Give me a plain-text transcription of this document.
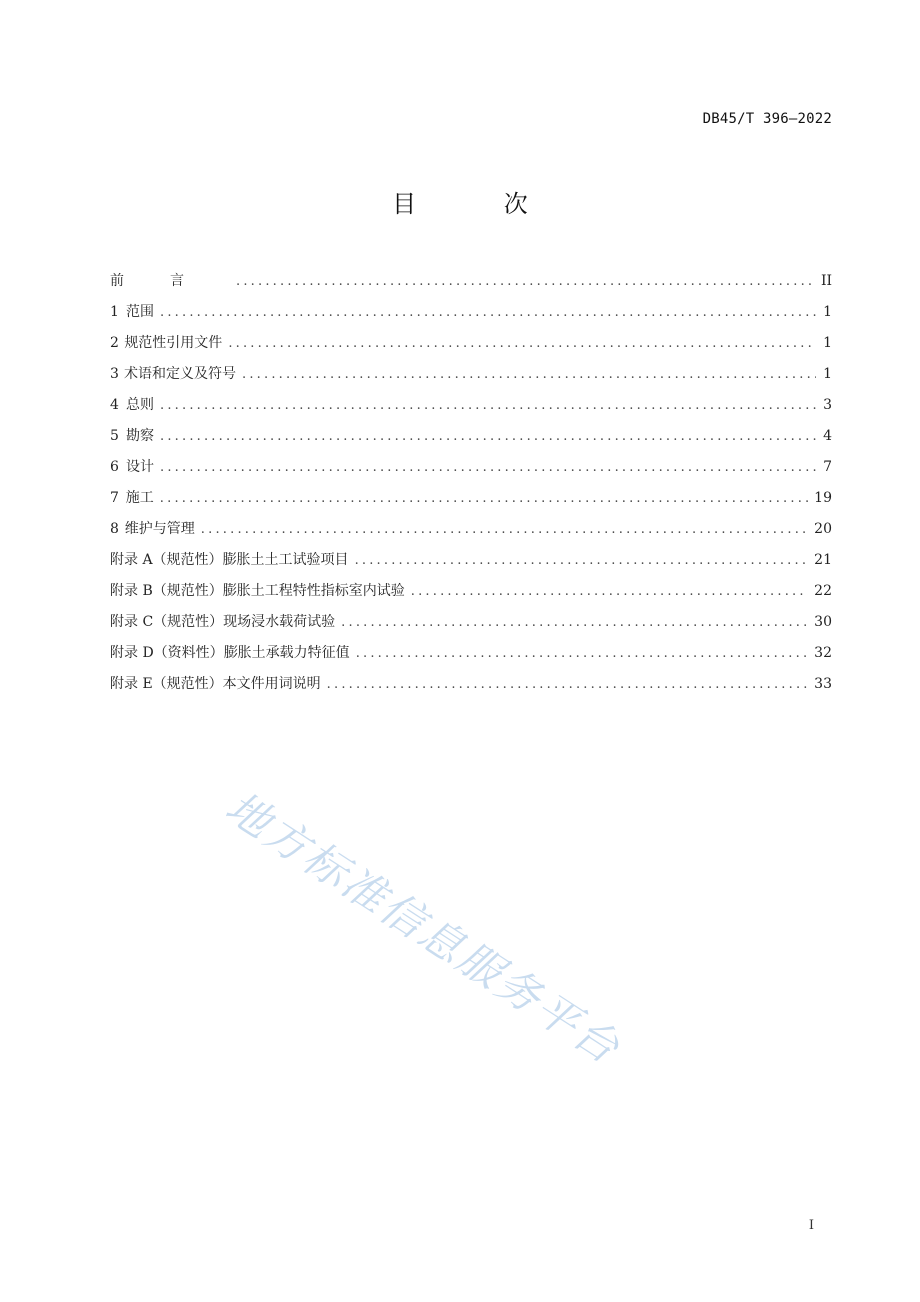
DB45/T 396—2022
目 次
前言 .....	II
1 范围 .....	1
2 规范性引用文件 .....	1
3 术语和定义及符号 .....	1
4 总则 .....	3
5 勘察 .....	4
6 设计 .....	7
7 施工 .....	19
8 维护与管理 .....	20
附录 A（规范性） 膨胀土土工试验项目 .....	21
附录 B（规范性） 膨胀土工程特性指标室内试验 .....	22
附录 C（规范性） 现场浸水载荷试验 .....	30
附录 D（资料性） 膨胀土承载力特征值 .....	32
附录 E（规范性） 本文件用词说明 .....	33
地方标准信息服务平台
I
